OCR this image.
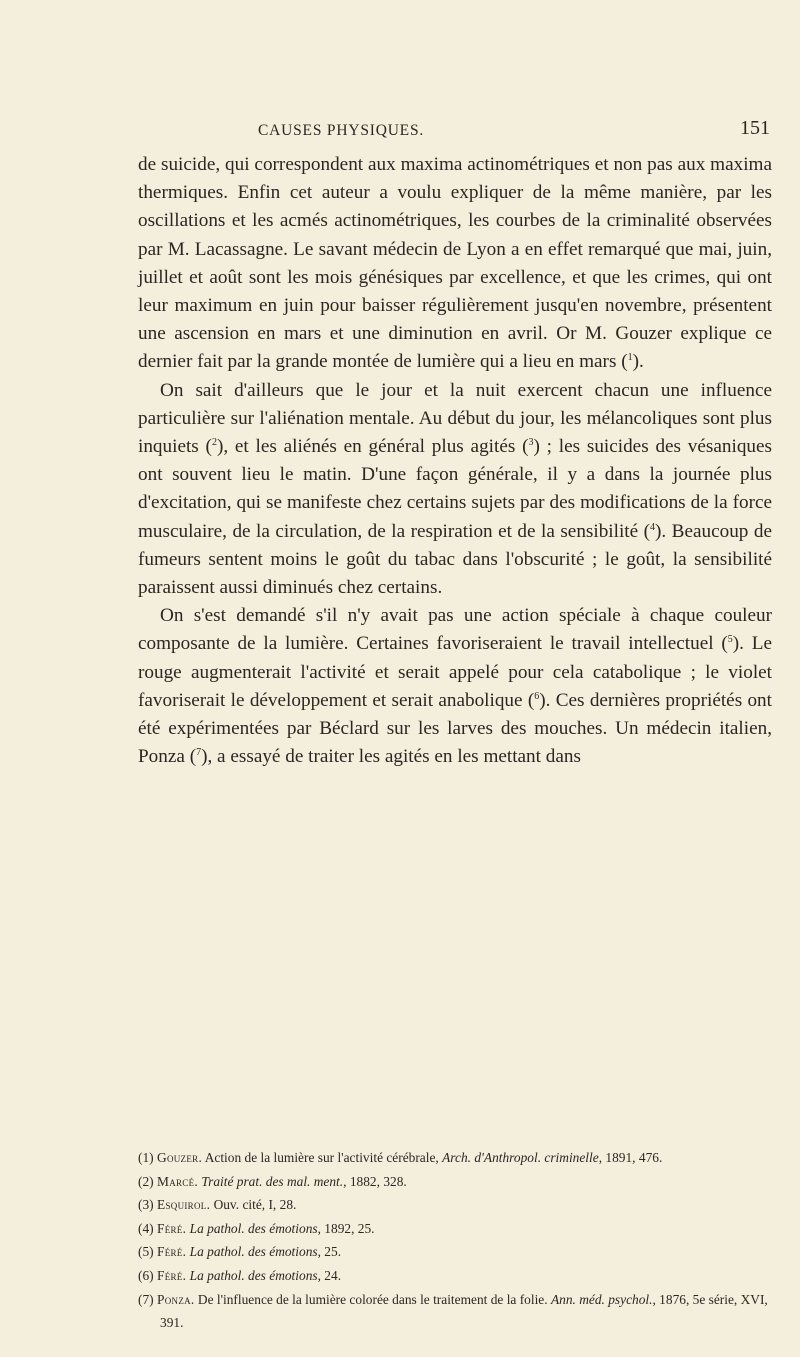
CAUSES PHYSIQUES.	151

de suicide, qui correspondent aux maxima actinométriques et non pas aux maxima thermiques. Enfin cet auteur a voulu expliquer de la même manière, par les oscillations et les acmés actinométriques, les courbes de la criminalité observées par M. Lacassagne. Le savant médecin de Lyon a en effet remarqué que mai, juin, juillet et août sont les mois génésiques par excellence, et que les crimes, qui ont leur maximum en juin pour baisser régulièrement jusqu'en novembre, présentent une ascension en mars et une diminution en avril. Or M. Gouzer explique ce dernier fait par la grande montée de lumière qui a lieu en mars ($^1$).

On sait d'ailleurs que le jour et la nuit exercent chacun une influence particulière sur l'aliénation mentale. Au début du jour, les mélancoliques sont plus inquiets ($^2$), et les aliénés en général plus agités ($^3$) ; les suicides des vésaniques ont souvent lieu le matin. D'une façon générale, il y a dans la journée plus d'excitation, qui se manifeste chez certains sujets par des modifications de la force musculaire, de la circulation, de la respiration et de la sensibilité ($^4$). Beaucoup de fumeurs sentent moins le goût du tabac dans l'obscurité ; le goût, la sensibilité paraissent aussi diminués chez certains.

On s'est demandé s'il n'y avait pas une action spéciale à chaque couleur composante de la lumière. Certaines favoriseraient le travail intellectuel ($^5$). Le rouge augmenterait l'activité et serait appelé pour cela catabolique ; le violet favoriserait le développement et serait anabolique ($^6$). Ces dernières propriétés ont été expérimentées par Béclard sur les larves des mouches. Un médecin italien, Ponza ($^7$), a essayé de traiter les agités en les mettant dans

(1) Gouzer. Action de la lumière sur l'activité cérébrale, Arch. d'Anthropol. criminelle, 1891, 476.
(2) Marcé. Traité prat. des mal. ment., 1882, 328.
(3) Esquirol. Ouv. cité, I, 28.
(4) Féré. La pathol. des émotions, 1892, 25.
(5) Féré. La pathol. des émotions, 25.
(6) Féré. La pathol. des émotions, 24.
(7) Ponza. De l'influence de la lumière colorée dans le traitement de la folie. Ann. méd. psychol., 1876, 5e série, XVI, 391.
